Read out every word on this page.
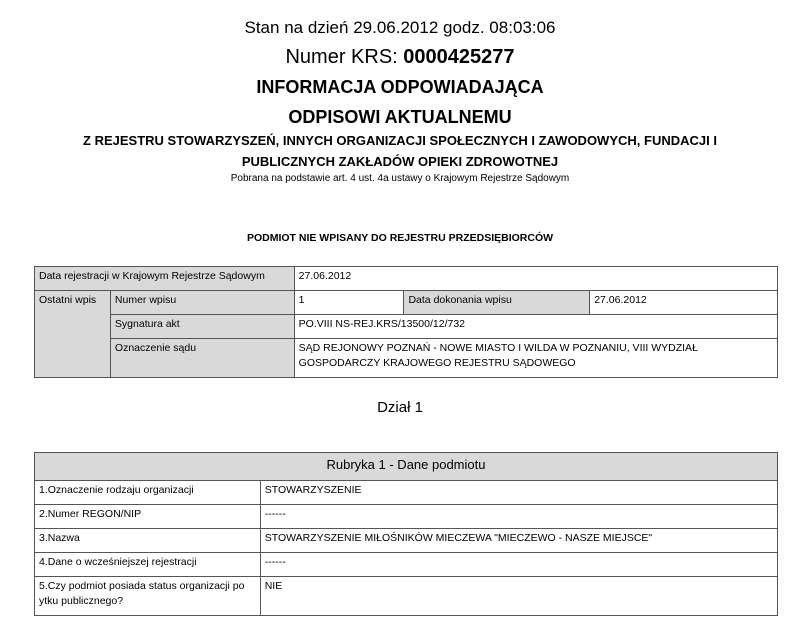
Stan na dzień 29.06.2012 godz. 08:03:06
Numer KRS: 0000425277
INFORMACJA ODPOWIADAJĄCA
ODPISOWI AKTUALNEMU
Z REJESTRU STOWARZYSZEŃ, INNYCH ORGANIZACJI SPOŁECZNYCH I ZAWODOWYCH, FUNDACJI I
PUBLICZNYCH ZAKŁADÓW OPIEKI ZDROWOTNEJ
Pobrana na podstawie art. 4 ust. 4a ustawy o Krajowym Rejestrze Sądowym
PODMIOT NIE WPISANY DO REJESTRU PRZEDSIĘBIORCÓW
Data rejestracji w Krajowym Rejestrze Sądowym		27.06.2012		
Ostatni wpis	Numer wpisu	1	Data dokonania wpisu	27.06.2012
	Sygnatura akt	PO.VIII NS-REJ.KRS/13500/12/732		
	Oznaczenie sądu	SĄD REJONOWY POZNAŃ - NOWE MIASTO I WILDA W POZNANIU, VIII WYDZIAŁ GOSPODARCZY KRAJOWEGO REJESTRU SĄDOWEGO		
Dział 1
Rubryka 1 - Dane podmiotu	
1.Oznaczenie rodzaju organizacji	STOWARZYSZENIE
2.Numer REGON/NIP	------
3.Nazwa	STOWARZYSZENIE MIŁOŚNIKÓW MIECZEWA "MIECZEWO - NASZE MIEJSCE"
4.Dane o wcześniejszej rejestracji	------
5.Czy podmiot posiada status organizacji po ytku publicznego?	NIE
